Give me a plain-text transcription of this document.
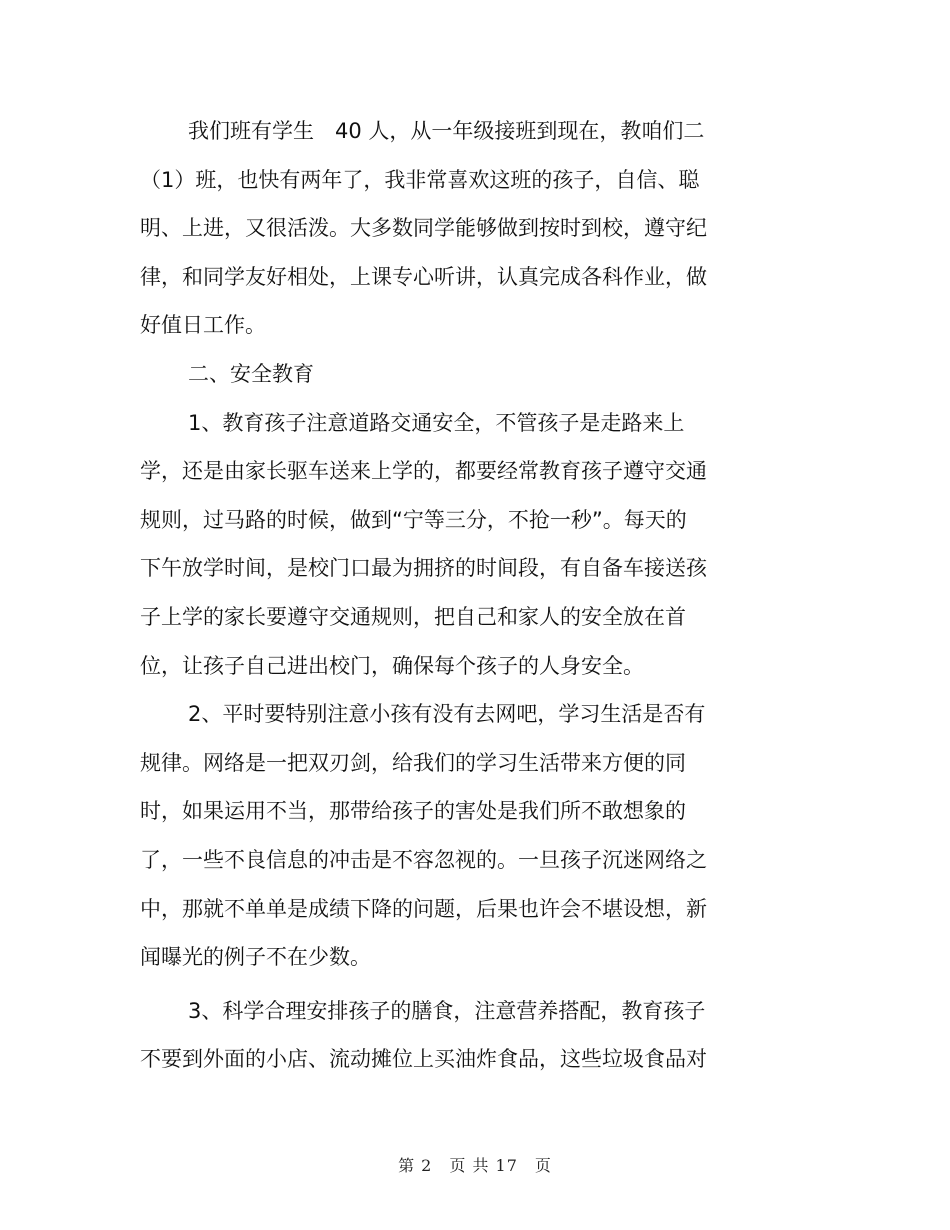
我们班有学生　40 人，从一年级接班到现在，教咱们二
（1）班，也快有两年了，我非常喜欢这班的孩子，自信、聪
明、上进，又很活泼。大多数同学能够做到按时到校，遵守纪
律，和同学友好相处，上课专心听讲，认真完成各科作业，做
好值日工作。
二、安全教育
1、教育孩子注意道路交通安全，不管孩子是走路来上
学，还是由家长驱车送来上学的，都要经常教育孩子遵守交通
规则，过马路的时候，做到“宁等三分，不抢一秒”。每天的
下午放学时间，是校门口最为拥挤的时间段，有自备车接送孩
子上学的家长要遵守交通规则，把自己和家人的安全放在首
位，让孩子自己进出校门，确保每个孩子的人身安全。
2、平时要特别注意小孩有没有去网吧，学习生活是否有
规律。网络是一把双刃剑，给我们的学习生活带来方便的同
时，如果运用不当，那带给孩子的害处是我们所不敢想象的
了，一些不良信息的冲击是不容忽视的。一旦孩子沉迷网络之
中，那就不单单是成绩下降的问题，后果也许会不堪设想，新
闻曝光的例子不在少数。
3、科学合理安排孩子的膳食，注意营养搭配，教育孩子
不要到外面的小店、流动摊位上买油炸食品，这些垃圾食品对
第 2　页 共 17　页
